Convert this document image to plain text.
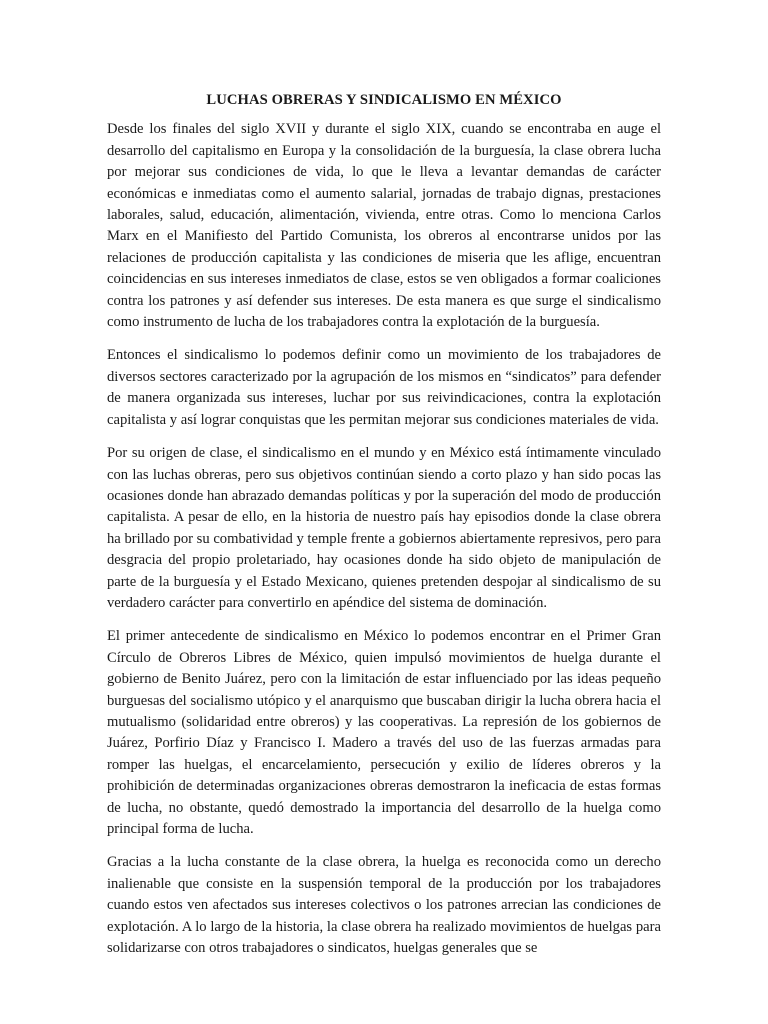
LUCHAS OBRERAS Y SINDICALISMO EN MÉXICO

Desde los finales del siglo XVII y durante el siglo XIX, cuando se encontraba en auge el desarrollo del capitalismo en Europa y la consolidación de la burguesía, la clase obrera lucha por mejorar sus condiciones de vida, lo que le lleva a levantar demandas de carácter económicas e inmediatas como el aumento salarial, jornadas de trabajo dignas, prestaciones laborales, salud, educación, alimentación, vivienda, entre otras. Como lo menciona Carlos Marx en el Manifiesto del Partido Comunista, los obreros al encontrarse unidos por las relaciones de producción capitalista y las condiciones de miseria que les aflige, encuentran coincidencias en sus intereses inmediatos de clase, estos se ven obligados a formar coaliciones contra los patrones y así defender sus intereses. De esta manera es que surge el sindicalismo como instrumento de lucha de los trabajadores contra la explotación de la burguesía.

Entonces el sindicalismo lo podemos definir como un movimiento de los trabajadores de diversos sectores caracterizado por la agrupación de los mismos en “sindicatos” para defender de manera organizada sus intereses, luchar por sus reivindicaciones, contra la explotación capitalista y así lograr conquistas que les permitan mejorar sus condiciones materiales de vida.

Por su origen de clase, el sindicalismo en el mundo y en México está íntimamente vinculado con las luchas obreras, pero sus objetivos continúan siendo a corto plazo y han sido pocas las ocasiones donde han abrazado demandas políticas y por la superación del modo de producción capitalista. A pesar de ello, en la historia de nuestro país hay episodios donde la clase obrera ha brillado por su combatividad y temple frente a gobiernos abiertamente represivos, pero para desgracia del propio proletariado, hay ocasiones donde ha sido objeto de manipulación de parte de la burguesía y el Estado Mexicano, quienes pretenden despojar al sindicalismo de su verdadero carácter para convertirlo en apéndice del sistema de dominación.

El primer antecedente de sindicalismo en México lo podemos encontrar en el Primer Gran Círculo de Obreros Libres de México, quien impulsó movimientos de huelga durante el gobierno de Benito Juárez, pero con la limitación de estar influenciado por las ideas pequeño burguesas del socialismo utópico y el anarquismo que buscaban dirigir la lucha obrera hacia el mutualismo (solidaridad entre obreros) y las cooperativas. La represión de los gobiernos de Juárez, Porfirio Díaz y Francisco I. Madero a través del uso de las fuerzas armadas para romper las huelgas, el encarcelamiento, persecución y exilio de líderes obreros y la prohibición de determinadas organizaciones obreras demostraron la ineficacia de estas formas de lucha, no obstante, quedó demostrado la importancia del desarrollo de la huelga como principal forma de lucha.

Gracias a la lucha constante de la clase obrera, la huelga es reconocida como un derecho inalienable que consiste en la suspensión temporal de la producción por los trabajadores cuando estos ven afectados sus intereses colectivos o los patrones arrecian las condiciones de explotación. A lo largo de la historia, la clase obrera ha realizado movimientos de huelgas para solidarizarse con otros trabajadores o sindicatos, huelgas generales que se
